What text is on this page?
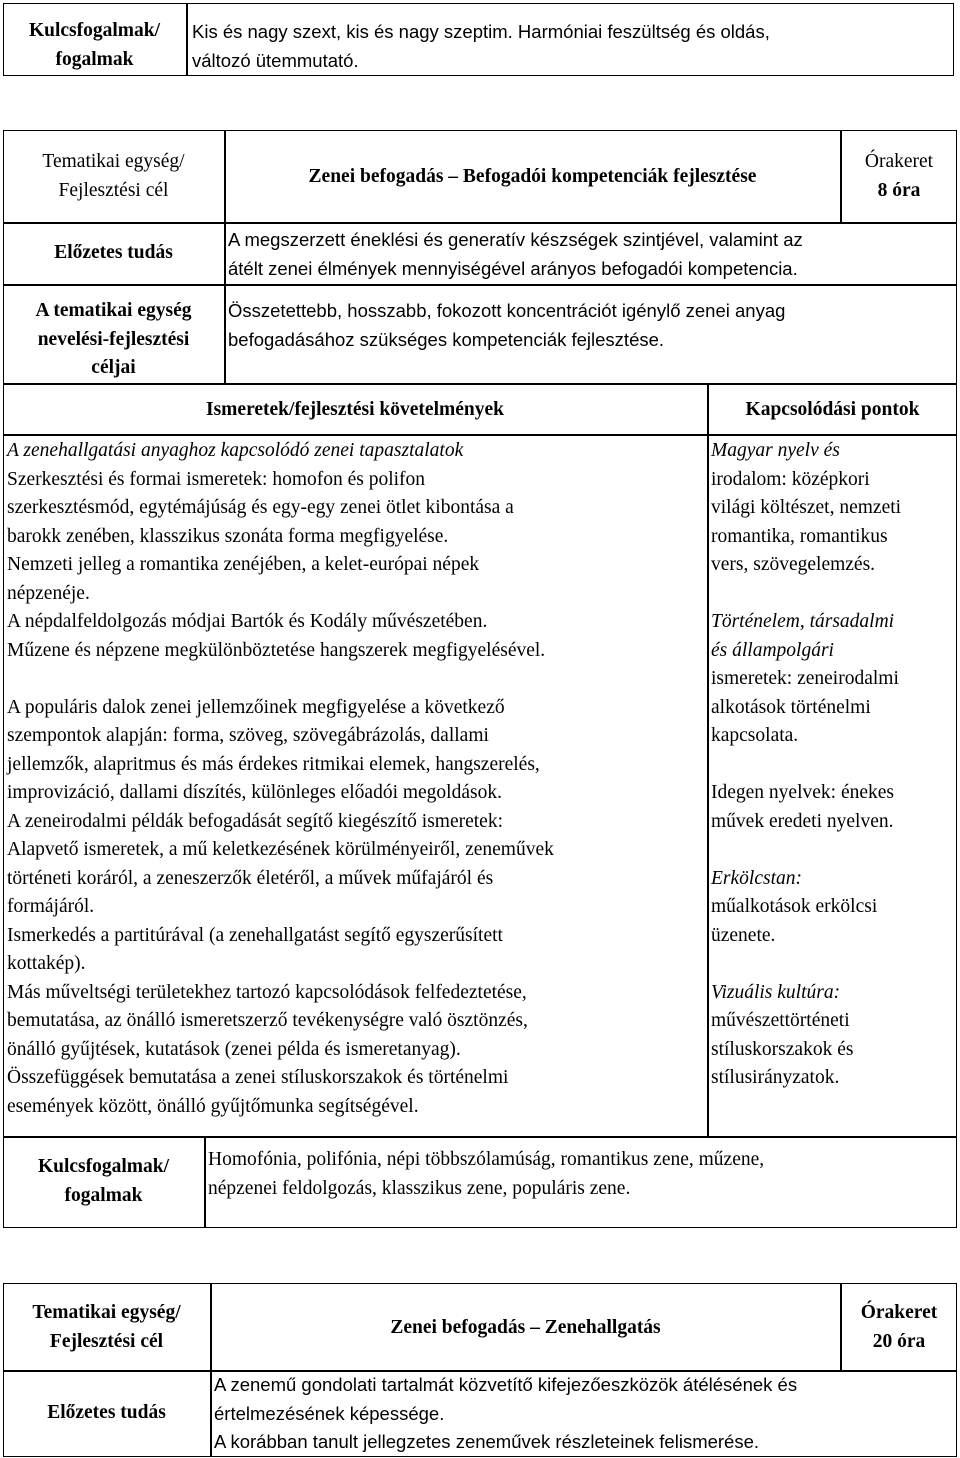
Kulcsfogalmak/
fogalmak
Kis és nagy szext, kis és nagy szeptim. Harmóniai feszültség és oldás,
változó ütemmutató.
Tematikai egység/
Fejlesztési cél
Zenei befogadás – Befogadói kompetenciák fejlesztése
Órakeret
8 óra
Előzetes tudás
A megszerzett éneklési és generatív készségek szintjével, valamint az
átélt zenei élmények mennyiségével arányos befogadói kompetencia.
A tematikai egység
nevelési-fejlesztési
céljai
Összetettebb, hosszabb, fokozott koncentrációt igénylő zenei anyag
befogadásához szükséges kompetenciák fejlesztése.
Ismeretek/fejlesztési követelmények	Kapcsolódási pontok
A zenehallgatási anyaghoz kapcsolódó zenei tapasztalatok
Szerkesztési és formai ismeretek: homofon és polifon
szerkesztésmód, egytémájúság és egy-egy zenei ötlet kibontása a
barokk zenében, klasszikus szonáta forma megfigyelése.
Nemzeti jelleg a romantika zenéjében, a kelet-európai népek
népzenéje.
A népdalfeldolgozás módjai Bartók és Kodály művészetében.
Műzene és népzene megkülönböztetése hangszerek megfigyelésével.
A populáris dalok zenei jellemzőinek megfigyelése a következő
szempontok alapján: forma, szöveg, szövegábrázolás, dallami
jellemzők, alapritmus és más érdekes ritmikai elemek, hangszerelés,
improvizáció, dallami díszítés, különleges előadói megoldások.
A zeneirodalmi példák befogadását segítő kiegészítő ismeretek:
Alapvető ismeretek, a mű keletkezésének körülményeiről, zeneművek
történeti koráról, a zeneszerzők életéről, a művek műfajáról és
formájáról.
Ismerkedés a partitúrával (a zenehallgatást segítő egyszerűsített
kottakép).
Más műveltségi területekhez tartozó kapcsolódások felfedeztetése,
bemutatása, az önálló ismeretszerző tevékenységre való ösztönzés,
önálló gyűjtések, kutatások (zenei példa és ismeretanyag).
Összefüggések bemutatása a zenei stíluskorszakok és történelmi
események között, önálló gyűjtőmunka segítségével.
Magyar nyelv és
irodalom: középkori
világi költészet, nemzeti
romantika, romantikus
vers, szövegelemzés.
Történelem, társadalmi
és állampolgári
ismeretek: zeneirodalmi
alkotások történelmi
kapcsolata.
Idegen nyelvek: énekes
művek eredeti nyelven.
Erkölcstan:
műalkotások erkölcsi
üzenete.
Vizuális kultúra:
művészettörténeti
stíluskorszakok és
stílusirányzatok.
Kulcsfogalmak/
fogalmak
Homofónia, polifónia, népi többszólamúság, romantikus zene, műzene,
népzenei feldolgozás, klasszikus zene, populáris zene.
Tematikai egység/
Fejlesztési cél
Zenei befogadás – Zenehallgatás
Órakeret
20 óra
Előzetes tudás
A zenemű gondolati tartalmát közvetítő kifejezőeszközök átélésének és
értelmezésének képessége.
A korábban tanult jellegzetes zeneművek részleteinek felismerése.
